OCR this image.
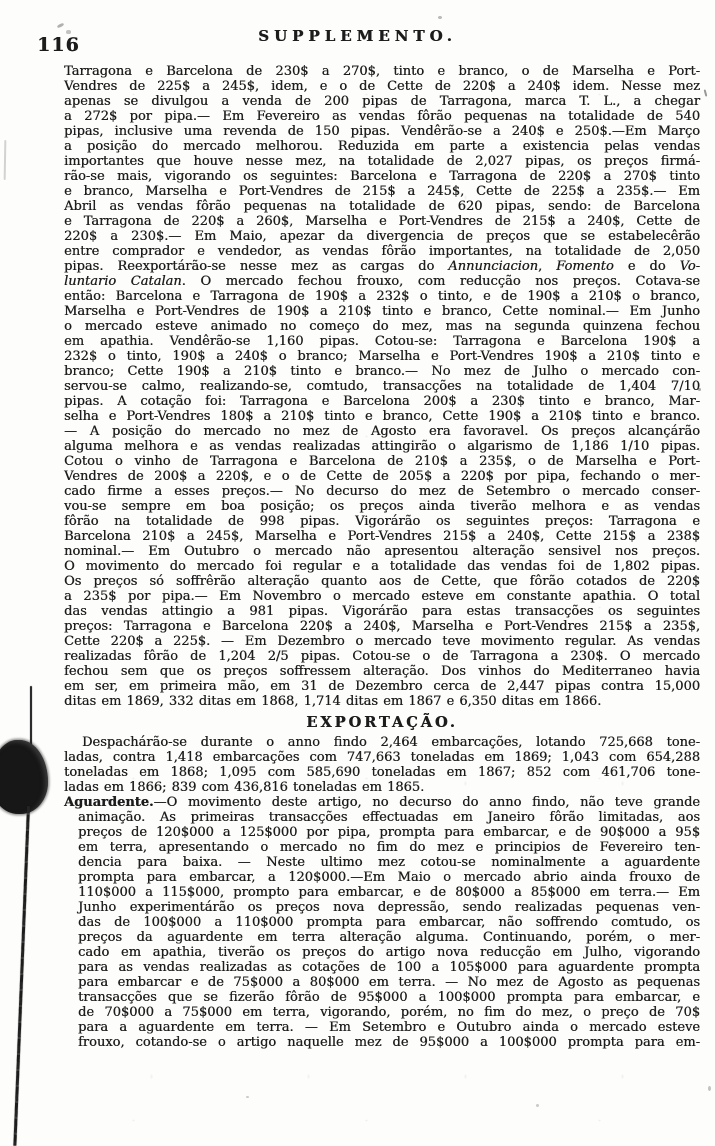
116	SUPPLEMENTO.
Tarragona e Barcelona de 230$ a 270$, tinto e branco, o de Marselha e Port-
Vendres de 225$ a 245$, idem, e o de Cette de 220$ a 240$ idem. Nesse mez
apenas se divulgou a venda de 200 pipas de Tarragona, marca T. L., a chegar
a 272$ por pipa.— Em Fevereiro as vendas fôrão pequenas na totalidade de 540
pipas, inclusive uma revenda de 150 pipas. Vendêrão-se a 240$ e 250$.—Em Março
a posição do mercado melhorou. Reduzida em parte a existencia pelas vendas
importantes que houve nesse mez, na totalidade de 2,027 pipas, os preços firmá-
rão-se mais, vigorando os seguintes: Barcelona e Tarragona de 220$ a 270$ tinto
e branco, Marselha e Port-Vendres de 215$ a 245$, Cette de 225$ a 235$.— Em
Abril as vendas fôrão pequenas na totalidade de 620 pipas, sendo: de Barcelona
e Tarragona de 220$ a 260$, Marselha e Port-Vendres de 215$ a 240$, Cette de
220$ a 230$.— Em Maio, apezar da divergencia de preços que se estabelecêrão
entre comprador e vendedor, as vendas fôrão importantes, na totalidade de 2,050
pipas. Reexportárão-se nesse mez as cargas do Annunciacion, Fomento e do Vo-
luntario Catalan. O mercado fechou frouxo, com reducção nos preços. Cotava-se
então: Barcelona e Tarragona de 190$ a 232$ o tinto, e de 190$ a 210$ o branco,
Marselha e Port-Vendres de 190$ a 210$ tinto e branco, Cette nominal.— Em Junho
o mercado esteve animado no começo do mez, mas na segunda quinzena fechou
em apathia. Vendêrão-se 1,160 pipas. Cotou-se: Tarragona e Barcelona 190$ a
232$ o tinto, 190$ a 240$ o branco; Marselha e Port-Vendres 190$ a 210$ tinto e
branco; Cette 190$ a 210$ tinto e branco.— No mez de Julho o mercado con-
servou-se calmo, realizando-se, comtudo, transacções na totalidade de 1,404 7/10
pipas. A cotação foi: Tarragona e Barcelona 200$ a 230$ tinto e branco, Mar-
selha e Port-Vendres 180$ a 210$ tinto e branco, Cette 190$ a 210$ tinto e branco.
— A posição do mercado no mez de Agosto era favoravel. Os preços alcançárão
alguma melhora e as vendas realizadas attingirão o algarismo de 1,186 1/10 pipas.
Cotou o vinho de Tarragona e Barcelona de 210$ a 235$, o de Marselha e Port-
Vendres de 200$ a 220$, e o de Cette de 205$ a 220$ por pipa, fechando o mer-
cado firme a esses preços.— No decurso do mez de Setembro o mercado conser-
vou-se sempre em boa posição; os preços ainda tiverão melhora e as vendas
fôrão na totalidade de 998 pipas. Vigorárão os seguintes preços: Tarragona e
Barcelona 210$ a 245$, Marselha e Port-Vendres 215$ a 240$, Cette 215$ a 238$
nominal.— Em Outubro o mercado não apresentou alteração sensivel nos preços.
O movimento do mercado foi regular e a totalidade das vendas foi de 1,802 pipas.
Os preços só soffrêrão alteração quanto aos de Cette, que fôrão cotados de 220$
a 235$ por pipa.— Em Novembro o mercado esteve em constante apathia. O total
das vendas attingio a 981 pipas. Vigorárão para estas transacções os seguintes
preços: Tarragona e Barcelona 220$ a 240$, Marselha e Port-Vendres 215$ a 235$,
Cette 220$ a 225$. — Em Dezembro o mercado teve movimento regular. As vendas
realizadas fôrão de 1,204 2/5 pipas. Cotou-se o de Tarragona a 230$. O mercado
fechou sem que os preços soffressem alteração. Dos vinhos do Mediterraneo havia
em ser, em primeira mão, em 31 de Dezembro cerca de 2,447 pipas contra 15,000
ditas em 1869, 332 ditas em 1868, 1,714 ditas em 1867 e 6,350 ditas em 1866.
EXPORTAÇÃO.
Despachárão-se durante o anno findo 2,464 embarcações, lotando 725,668 tone-
ladas, contra 1,418 embarcações com 747,663 toneladas em 1869; 1,043 com 654,288
toneladas em 1868; 1,095 com 585,690 toneladas em 1867; 852 com 461,706 tone-
ladas em 1866; 839 com 436,816 toneladas em 1865.
Aguardente.—O movimento deste artigo, no decurso do anno findo, não teve grande
animação. As primeiras transacções effectuadas em Janeiro fôrão limitadas, aos
preços de 120$000 a 125$000 por pipa, prompta para embarcar, e de 90$000 a 95$
em terra, apresentando o mercado no fim do mez e principios de Fevereiro ten-
dencia para baixa. — Neste ultimo mez cotou-se nominalmente a aguardente
prompta para embarcar, a 120$000.—Em Maio o mercado abrio ainda frouxo de
110$000 a 115$000, prompto para embarcar, e de 80$000 a 85$000 em terra.— Em
Junho experimentárão os preços nova depressão, sendo realizadas pequenas ven-
das de 100$000 a 110$000 prompta para embarcar, não soffrendo comtudo, os
preços da aguardente em terra alteração alguma. Continuando, porém, o mer-
cado em apathia, tiverão os preços do artigo nova reducção em Julho, vigorando
para as vendas realizadas as cotações de 100 a 105$000 para aguardente prompta
para embarcar e de 75$000 a 80$000 em terra. — No mez de Agosto as pequenas
transacções que se fizerão fôrão de 95$000 a 100$000 prompta para embarcar, e
de 70$000 a 75$000 em terra, vigorando, porém, no fim do mez, o preço de 70$
para a aguardente em terra. — Em Setembro e Outubro ainda o mercado esteve
frouxo, cotando-se o artigo naquelle mez de 95$000 a 100$000 prompta para em-
